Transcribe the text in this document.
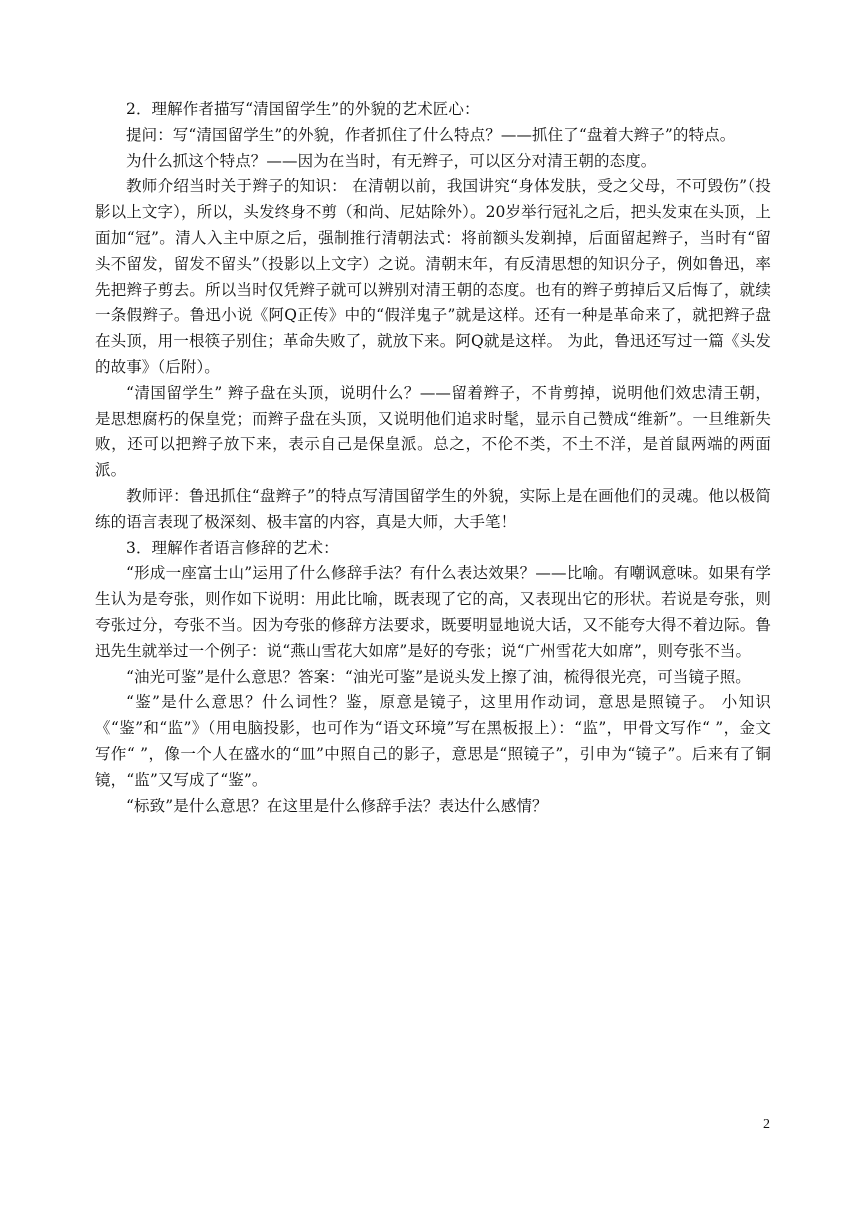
2．理解作者描写“清国留学生”的外貌的艺术匠心：

提问：写“清国留学生”的外貌，作者抓住了什么特点？——抓住了“盘着大辫子”的特点。

为什么抓这个特点？——因为在当时，有无辫子，可以区分对清王朝的态度。

教师介绍当时关于辫子的知识： 在清朝以前，我国讲究“身体发肤，受之父母，不可毁伤”（投影以上文字），所以，头发终身不剪（和尚、尼姑除外）。20岁举行冠礼之后，把头发束在头顶，上面加“冠”。清人入主中原之后，强制推行清朝法式：将前额头发剃掉，后面留起辫子，当时有“留头不留发，留发不留头”（投影以上文字）之说。清朝末年，有反清思想的知识分子，例如鲁迅，率先把辫子剪去。所以当时仅凭辫子就可以辨别对清王朝的态度。也有的辫子剪掉后又后悔了，就续一条假辫子。鲁迅小说《阿Q正传》中的“假洋鬼子”就是这样。还有一种是革命来了，就把辫子盘在头顶，用一根筷子别住；革命失败了，就放下来。阿Q就是这样。 为此，鲁迅还写过一篇《头发的故事》（后附）。

“清国留学生” 辫子盘在头顶，说明什么？——留着辫子，不肯剪掉，说明他们效忠清王朝，是思想腐朽的保皇党；而辫子盘在头顶，又说明他们追求时髦，显示自己赞成“维新”。一旦维新失败，还可以把辫子放下来，表示自己是保皇派。总之，不伦不类，不土不洋，是首鼠两端的两面派。

教师评：鲁迅抓住“盘辫子”的特点写清国留学生的外貌，实际上是在画他们的灵魂。他以极简练的语言表现了极深刻、极丰富的内容，真是大师，大手笔！

3．理解作者语言修辞的艺术：

“形成一座富士山”运用了什么修辞手法？有什么表达效果？——比喻。有嘲讽意味。如果有学生认为是夸张，则作如下说明：用此比喻，既表现了它的高，又表现出它的形状。若说是夸张，则夸张过分，夸张不当。因为夸张的修辞方法要求，既要明显地说大话，又不能夸大得不着边际。鲁迅先生就举过一个例子：说“燕山雪花大如席”是好的夸张；说“广州雪花大如席”，则夸张不当。

“油光可鉴”是什么意思？答案：“油光可鉴”是说头发上擦了油，梳得很光亮，可当镜子照。

“鉴”是什么意思？什么词性？鉴，原意是镜子，这里用作动词，意思是照镜子。 小知识《“鉴”和“监”》（用电脑投影，也可作为“语文环境”写在黑板报上）：“监”，甲骨文写作“ ”，金文写作“ ”，像一个人在盛水的“皿”中照自己的影子，意思是“照镜子”，引申为“镜子”。后来有了铜镜，“监”又写成了“鉴”。

“标致”是什么意思？在这里是什么修辞手法？表达什么感情？

2
